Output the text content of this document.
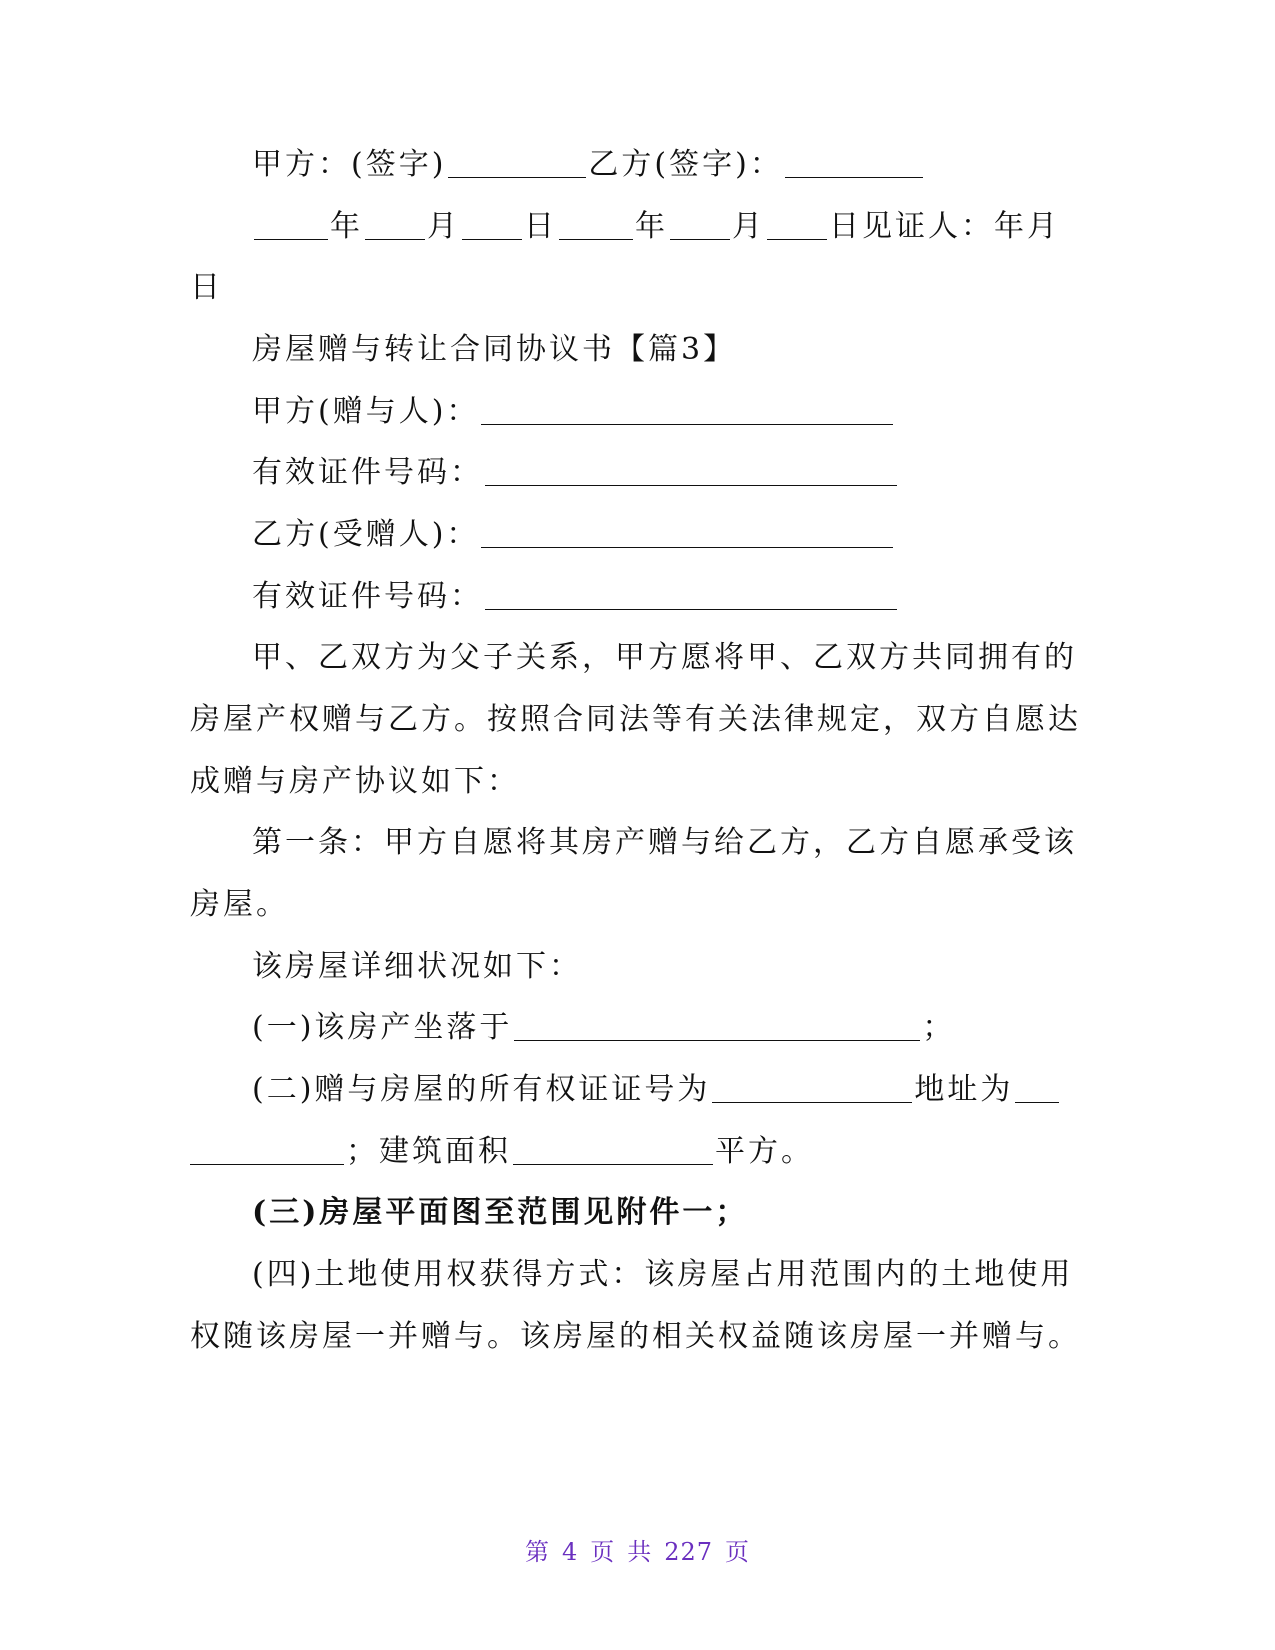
甲方：(签字)	乙方(签字)：
年 月 日	年 月 日见证人：年月
日
房屋赠与转让合同协议书【篇3】
甲方(赠与人)：
有效证件号码：
乙方(受赠人)：
有效证件号码：
甲、乙双方为父子关系，甲方愿将甲、乙双方共同拥有的
房屋产权赠与乙方。按照合同法等有关法律规定，双方自愿达
成赠与房产协议如下：
第一条：甲方自愿将其房产赠与给乙方，乙方自愿承受该
房屋。
该房屋详细状况如下：
(一)该房产坐落于	；
(二)赠与房屋的所有权证证号为	地址为
；建筑面积	平方。
(三)房屋平面图至范围见附件一；
(四)土地使用权获得方式：该房屋占用范围内的土地使用
权随该房屋一并赠与。该房屋的相关权益随该房屋一并赠与。
第 4 页 共 227 页
